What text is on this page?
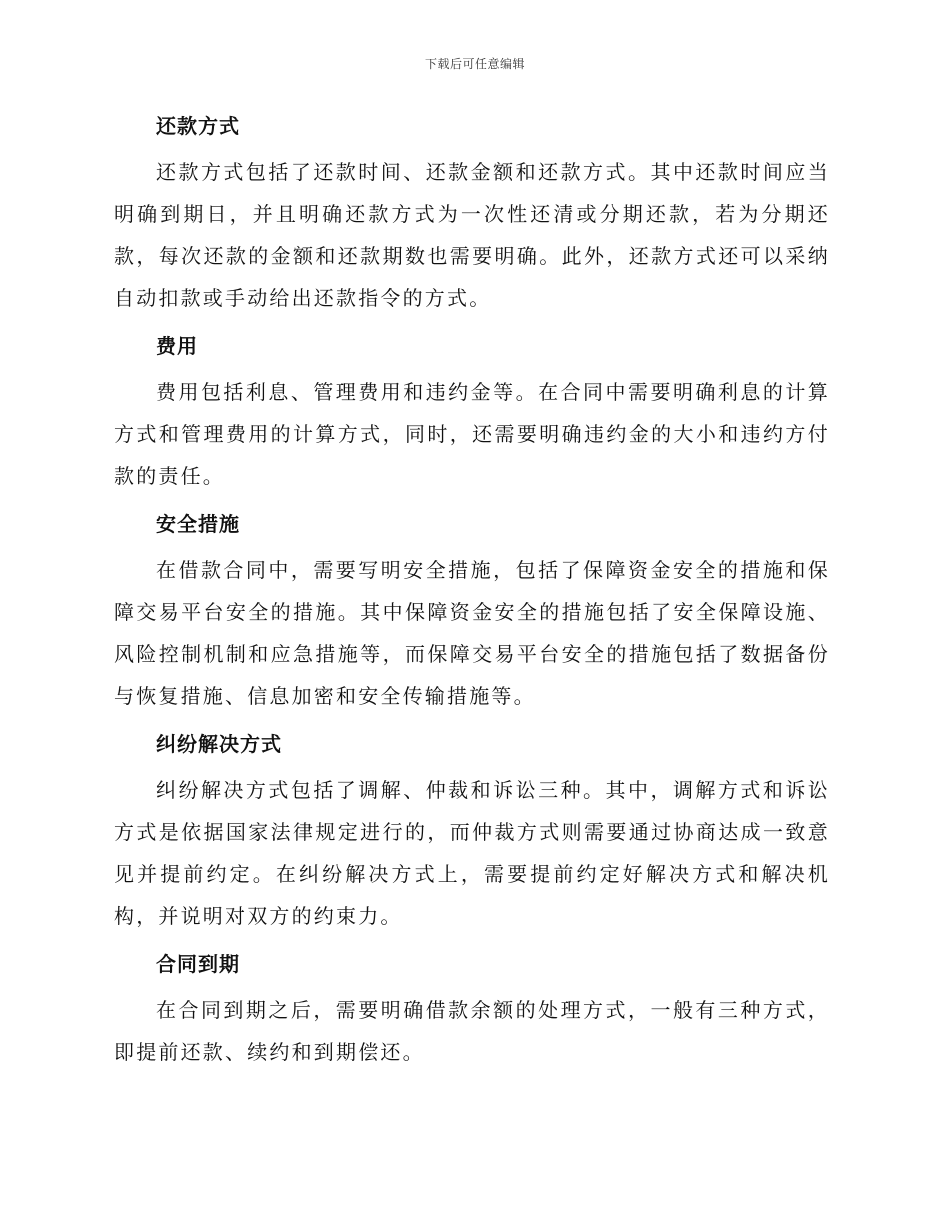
下载后可任意编辑
还款方式

还款方式包括了还款时间、还款金额和还款方式。其中还款时间应当明确到期日，并且明确还款方式为一次性还清或分期还款，若为分期还款，每次还款的金额和还款期数也需要明确。此外，还款方式还可以采纳自动扣款或手动给出还款指令的方式。

费用

费用包括利息、管理费用和违约金等。在合同中需要明确利息的计算方式和管理费用的计算方式，同时，还需要明确违约金的大小和违约方付款的责任。

安全措施

在借款合同中，需要写明安全措施，包括了保障资金安全的措施和保障交易平台安全的措施。其中保障资金安全的措施包括了安全保障设施、风险控制机制和应急措施等，而保障交易平台安全的措施包括了数据备份与恢复措施、信息加密和安全传输措施等。

纠纷解决方式

纠纷解决方式包括了调解、仲裁和诉讼三种。其中，调解方式和诉讼方式是依据国家法律规定进行的，而仲裁方式则需要通过协商达成一致意见并提前约定。在纠纷解决方式上，需要提前约定好解决方式和解决机构，并说明对双方的约束力。

合同到期

在合同到期之后，需要明确借款余额的处理方式，一般有三种方式，即提前还款、续约和到期偿还。
